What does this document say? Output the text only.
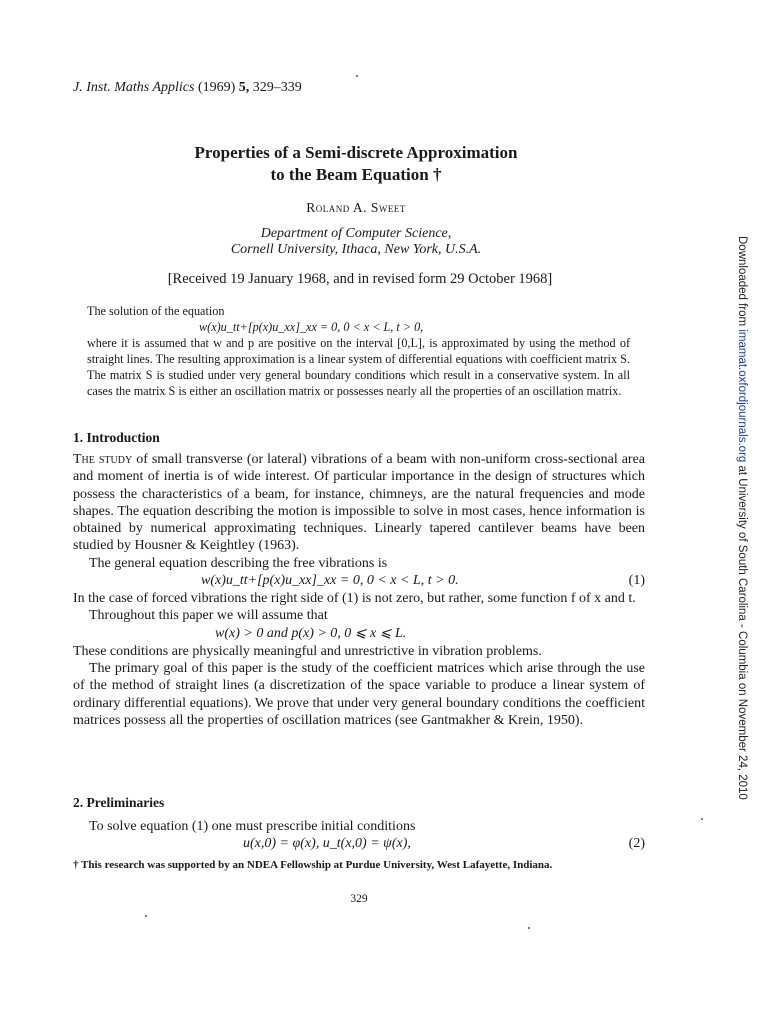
J. Inst. Maths Applics (1969) 5, 329–339
Properties of a Semi-discrete Approximation
to the Beam Equation †
Roland A. Sweet
Department of Computer Science,
Cornell University, Ithaca, New York, U.S.A.
[Received 19 January 1968, and in revised form 29 October 1968]

The solution of the equation

w(x)u_tt+[p(x)u_xx]_xx = 0, 0 < x < L, t > 0,

where it is assumed that w and p are positive on the interval [0,L], is approximated by using the method of straight lines. The resulting approximation is a linear system of differential equations with coefficient matrix S. The matrix S is studied under very general boundary conditions which result in a conservative system. In all cases the matrix S is either an oscillation matrix or possesses nearly all the properties of an oscillation matrix.

1. Introduction

The study of small transverse (or lateral) vibrations of a beam with non-uniform cross-sectional area and moment of inertia is of wide interest. Of particular importance in the design of structures which possess the characteristics of a beam, for instance, chimneys, are the natural frequencies and mode shapes. The equation describing the motion is impossible to solve in most cases, hence information is obtained by numerical approximating techniques. Linearly tapered cantilever beams have been studied by Housner & Keightley (1963).

The general equation describing the free vibrations is

w(x)u_tt+[p(x)u_xx]_xx = 0, 0 < x < L, t > 0.	(1)

In the case of forced vibrations the right side of (1) is not zero, but rather, some function f of x and t.

Throughout this paper we will assume that

w(x) > 0 and p(x) > 0, 0 ⩽ x ⩽ L.

These conditions are physically meaningful and unrestrictive in vibration problems.

The primary goal of this paper is the study of the coefficient matrices which arise through the use of the method of straight lines (a discretization of the space variable to produce a linear system of ordinary differential equations). We prove that under very general boundary conditions the coefficient matrices possess all the properties of oscillation matrices (see Gantmakher & Krein, 1950).

2. Preliminaries

To solve equation (1) one must prescribe initial conditions

u(x,0) = φ(x), u_t(x,0) = ψ(x),	(2)
† This research was supported by an NDEA Fellowship at Purdue University, West Lafayette, Indiana.
329
Downloaded from imamat.oxfordjournals.org at University of South Carolina - Columbia on November 24, 2010
